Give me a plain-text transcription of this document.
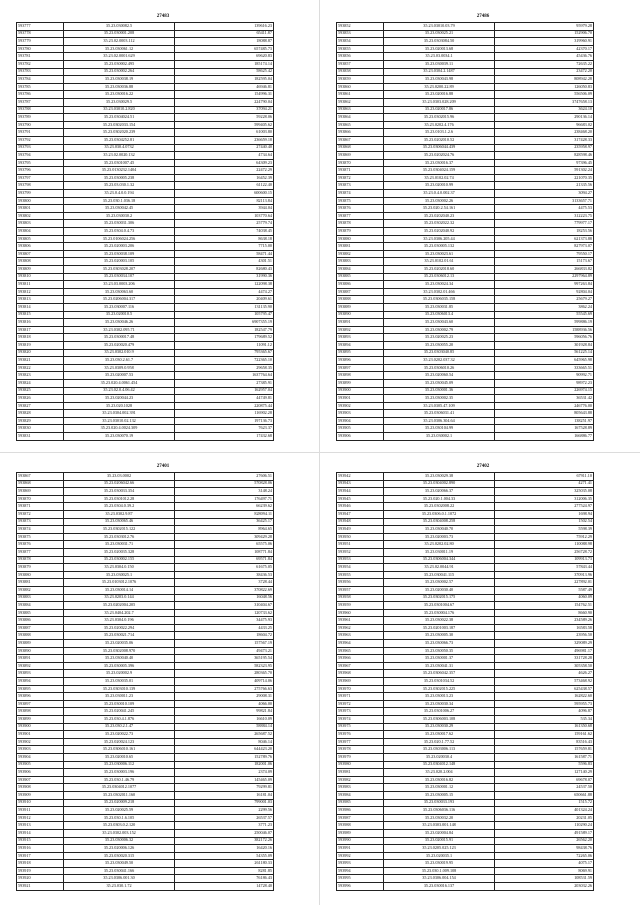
27483
593777	35.23.030082.5	139616.23
593778	35.23.030001.208	65411.87
593779	35.23.02.0003.112	18088.87
593780	35.23.030061.12	657485.73
593781	35.23.02.0001.629	69620.83
593782	35.23.030002.495	185174.14
593783	35.23.030002.264	58625.42
593784	35.23.030038.19	182595.04
593785	35.23.030036.88	46946.81
593786	35.23.030016.22	154996.31
593787	35.23.030029.5	224790.04
593788	35.23.03010.2.820	37094.21
593789	35.23.0304024.51	59228.06
593790	35.23.0302033.154	599405.62
593791	35.23.0302020.239	61003.80
593792	35.23.0304252.81	236659.18
593793	35.23.030.4.0732	27440.40
593794	35.23.02.0020.132	4734.64
593795	35.23.0301007.45	64309.23
593796	35.23.0130232.1404	22472.29
593797	35.23.030005.238	16452.39
593798	35.23.03.030.1.32	61122.40
593799	35.23.0.4.0.0.194	600600.15
593800	35.23.030.1.036.18	82113.84
593801	35.23.030042.45	3944.04
593802	35.23.030030.2	103770.64
593803	35.23.030031.306	25779.74
593804	35.23.0304.0.4.73	74038.45
593805	35.23.0106024.256	8638.18
593806	35.23.020003.206	7715.00
593807	35.23.030038.109	58471.44
593808	35.23.020003.105	4301.51
593809	35.23.0303028.207	82680.43
593810	35.23.030034.107	31990.36
593811	35.23.03.0003.206	122098.38
593812	35.23.030063.60	4474.27
593813	35.23.0206004.317	20409.61
593814	35.23.030007.116	131135.90
593815	35.23.020010.5	105795.47
593816	35.23.030046.26	6907355.19
593817	35.23.0302.095.71	182547.79
593818	35.23.0300017.48	179689.52
593819	35.23.020020.479	11091.12
593820	35.23.0302.010.9	795365.67
593821	35.23.030.2.61.7	722365.10
593822	35.23.0309.0.958	29658.35
593823	35.23.020007.53	1637764.64
593824	35.23.020.4.0061.454	27385.91
593825	35.23.02.0.4.06.42	162957.04
593826	35.23.020044.23	44749.81
593827	35.23.020.1028	220875.44
593828	35.23.0304.002.391	116902.28
593829	35.23.03010.02.132	197136.73
593830	35.23.020.4.0024.309	7623.37
593831	35.23.030070.19	17432.68
27486
593852	35.23.03010.03.79	95979.28
593853	35.23.030025.21	152906.70
593854	35.23.0303084.50	319960.91
593855	35.23.020013.68	42370.17
593856	35.23.03.0034.1	45436.76
593857	35.23.030039.11	72635.22
593858	35.23.0304.2.1487	23472.20
593859	35.23.030043.98	808942.28
593860	35.23.0200.22.89	126050.83
593861	35.23.020016.88	556506.09
593862	35.23.0303.028.209	3747658.13
593863	35.23.020017.86	3624.10
593864	35.23.0302015.96	290136.14
593865	35.23.0202.4.176	96683.02
593866	35.23.0103.1.2.6	238468.20
593867	35.23.0202010.52	317428.33
593868	35.23.0306044.439	235958.97
593869	35.23.0202024.76	828598.46
593870	35.23.030016.37	97396.45
593871	35.23.0304024.159	591302.24
593872	35.23.0102.02.74	221070.35
593873	35.23.020010.99	21335.56
593874	35.23.0.4.0.002.37	3094.27
593875	35.23.030002.26	3133657.71
593876	35.23.020.2.54.161	4475.53
593877	35.23.0202040.23	312223.75
593878	35.23.0302022.32	779977.17
593879	35.23.0202040.92	18253.56
593880	35.23.0306.205.44	621373.88
593881	35.23.030005.132	827973.07
593882	35.23.030023.61	79550.17
593883	35.23.0102.01.61	15173.67
593884	35.23.0202018.60	266833.82
593885	35.23.0306012.13	2297964.89
593886	35.23.030024.34	997263.84
593887	35.23.0302.01.466	92804.04
593888	35.23.0306035.158	25679.27
593889	35.23.030031.85	3862.24
593890	35.23.0306013.4	55545.69
593891	35.23.030043.60	599886.19
593892	35.23.030002.79	1588936.56
593893	35.23.020025.23	596056.76
593894	35.23.030055.20	301928.84
593895	35.23.0303040.85	561225.14
593896	35.23.0202.037.32	645965.98
593897	35.23.0306010.26	333665.51
593898	35.23.020060.54	90992.71
593899	35.23.030045.09	98972.23
593900	35.23.030001.36	226974.15
593901	35.23.030002.35	36531.42
593902	35.23.0305.47.109	246776.00
593903	35.23.0306031.41	805643.88
593904	35.23.0306.304.64	138251.97
593905	35.23.030104.99	167528.89
593906	35.23.030002.1	166886.77
27401
593867	35.23.03.0002	27606.51
593868	35.23.0206042.66	570828.06
593869	35.23.030033.354	3148.24
593870	35.23.0301012.28	176497.71
593871	35.23.0304.0.39.2	66239.62
593872	35.23.0302.9.87	828094.11
593873	35.23.030065.46	36425.17
593874	35.23.0302015.122	8964.65
593875	35.23.0303012.76	309429.28
593876	35.23.030031.71	65575.06
593877	35.23.020035.328	108771.84
593878	35.23.030002.155	69571.84
593879	35.23.0304.0.150	61675.05
593880	35.23.030025.1	38436.53
593881	35.23.0103012.1076	3728.44
593882	35.23.030014.14	370822.69
593883	35.23.0203.0.144	16048.56
593884	35.23.0202004.205	310404.67
593885	35.23.0404.202.7	120733.62
593886	35.23.0304.0.196	34475.93
593887	35.23.020022.294	4433.25
593888	35.23.030021.714	18604.72
593889	35.23.020035.06	157567.19
593890	35.23.0302008.970	49473.21
593891	35.23.030040.40	365195.54
593892	35.23.030005.396	582323.95
593893	35.23.020002.9	280365.70
593894	35.23.030035.01	409714.06
593895	35.23.0303010.139	275766.63
593896	35.23.030011.23	29008.31
593897	35.23.030010.109	4066.00
593898	35.23.020041.245	99821.84
593899	35.23.030.4.1.876	16610.09
593900	35.23.030.2.1.47	58884.14
593901	35.23.020022.73	265687.52
593902	35.23.020024.123	8046.14
593903	35.23.0306010.161	644423.20
593904	35.23.020010.65	152789.76
593905	35.23.030006.112	182001.06
593906	35.23.030003.196	2374.09
593907	35.23.030.1.46.79	145465.09
593908	35.23.0304012.1077	79299.81
593909	35.23.0302011.160	16181.04
593910	35.23.020009.218	799001.03
593911	35.23.020025.59	2299.56
593912	35.23.030.1.6.105	26537.57
593913	35.23.0303.0.2.120	3771.23
593914	35.23.0302.003.152	250046.07
593915	35.23.030006.32	382172.26
593916	35.23.020006.126	16420.16
593917	35.23.030020.315	54355.09
593918	35.23.030049.50	261180.33
593919	35.23.030041.166	8281.85
593920	35.23.0306.001.30	76186.43
593921	35.23.030.1.72	14728.40
27402
593942	35.23.030029.38	67911.10
593943	35.23.0304002.890	4271.41
593944	35.23.020066.37	325035.08
593945	35.23.020.1.004.33	312006.35
593946	35.23.0302008.22	277524.97
593947	35.23.0306.0.1.1072	1698.94
593948	35.23.0304008.258	1502.54
593949	35.23.030040.70	5598.39
593950	35.23.020003.73	75912.29
593951	35.23.0202.02.80	110088.98
593952	35.23.030011.19	256728.72
593953	35.23.0306004.344	109913.73
593954	35.23.02.0044.91	57843.44
593955	35.23.030041.115	370913.96
593956	35.23.030002.57	227892.01
593957	35.23.020030.40	5587.49
593958	35.23.0302015.175	4060.09
593959	35.23.0301004.67	154762.51
593960	35.23.030004.176	8660.90
593961	35.23.030022.38	234589.26
593962	35.23.0201003.187	16583.58
593963	35.23.030005.30	23956.50
593964	35.23.030066.73	329089.29
593965	35.23.030050.35	496981.17
593966	35.23.030001.37	331728.28
593967	35.23.030041.31	305358.50
593968	35.23.0306042.357	4626.27
593969	35.23.0301034.52	573468.92
593970	35.23.0302015.225	625438.57
593971	35.23.030013.23	162822.60
593972	35.23.030030.34	595955.73
593973	35.23.0301006.27	4096.87
593974	35.23.0306003.108	535.34
593975	35.23.030030.29	161350.68
593976	35.23.030017.62	159161.62
593977	35.23.020.1.77.52	83516.43
593978	35.23.0303006.113	157659.81
593979	35.23.020030.4	161587.71
593980	35.23.0304012.148	5596.83
593981	35.23.020.2.004	127140.29
593982	35.23.030016.82	69678.07
593983	35.23.030001.12	24537.50
593984	35.23.030005.15	650661.88
593985	35.23.030033.193	1515.72
593986	35.23.0306036.116	401324.24
593987	35.23.030032.20	20231.05
593988	35.23.0303.001.148	110290.24
593989	35.23.020004.84	491589.17
593990	35.23.020015.91	26562.20
593991	35.23.0205.025.123	98438.76
593992	35.23.020035.1	72265.06
593993	35.23.030019.95	4075.17
593994	35.23.030.1.009.108	8069.91
593995	35.23.0306.004.154	108531.59
593996	35.23.030016.137	203032.26
